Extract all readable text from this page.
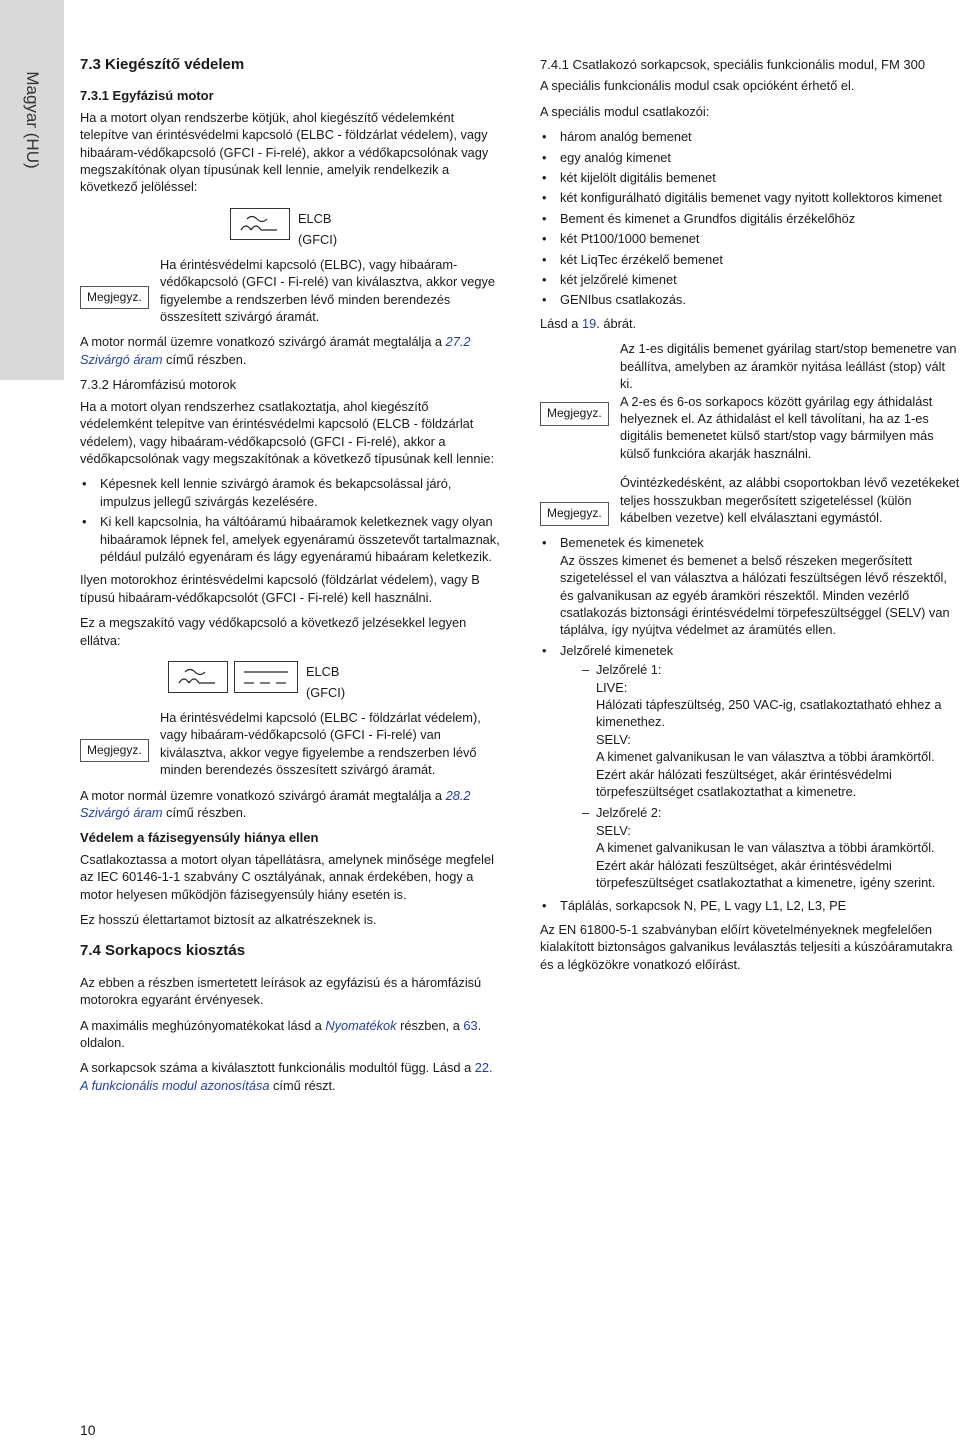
Magyar (HU)
7.3 Kiegészítő védelem
7.3.1 Egyfázisú motor

Ha a motort olyan rendszerbe kötjük, ahol kiegészítő védelemként telepítve van érintésvédelmi kapcsoló (ELBC - földzárlat védelem), vagy hibaáram-védőkapcsoló (GFCI - Fi-relé), akkor a védőkapcsolónak vagy megszakítónak olyan típusúnak kell lennie, amelyik rendelkezik a következő jelöléssel:

ELCB
(GFCI)
Megjegyz.
Ha érintésvédelmi kapcsoló (ELBC), vagy hibaáram-védőkapcsoló (GFCI - Fi-relé) van kiválasztva, akkor vegye figyelembe a rendszerben lévő minden berendezés összesített szivárgó áramát.

A motor normál üzemre vonatkozó szivárgó áramát megtalálja a 27.2 Szivárgó áram című részben.

7.3.2 Háromfázisú motorok

Ha a motort olyan rendszerhez csatlakoztatja, ahol kiegészítő védelemként telepítve van érintésvédelmi kapcsoló (ELCB - földzárlat védelem), vagy hibaáram-védőkapcsoló (GFCI - Fi-relé), akkor a védőkapcsolónak vagy megszakítónak a következő típusúnak kell lennie:

• Képesnek kell lennie szivárgó áramok és bekapcsolással járó, impulzus jellegű szivárgás kezelésére.
• Ki kell kapcsolnia, ha váltóáramú hibaáramok keletkeznek vagy olyan hibaáramok lépnek fel, amelyek egyenáramú összetevőt tartalmaznak, például pulzáló egyenáram és lágy egyenáramú hibaáram keletkezik.

Ilyen motorokhoz érintésvédelmi kapcsoló (földzárlat védelem), vagy B típusú hibaáram-védőkapcsolót (GFCI - Fi-relé) kell használni.

Ez a megszakító vagy védőkapcsoló a következő jelzésekkel legyen ellátva:

ELCB
(GFCI)
Megjegyz.
Ha érintésvédelmi kapcsoló (ELBC - földzárlat védelem), vagy hibaáram-védőkapcsoló (GFCI - Fi-relé) van kiválasztva, akkor vegye figyelembe a rendszerben lévő minden berendezés összesített szivárgó áramát.

A motor normál üzemre vonatkozó szivárgó áramát megtalálja a 28.2 Szivárgó áram című részben.

Védelem a fázisegyensúly hiánya ellen

Csatlakoztassa a motort olyan tápellátásra, amelynek minősége megfelel az IEC 60146-1-1 szabvány C osztályának, annak érdekében, hogy a motor helyesen működjön fázisegyensúly hiány esetén is.

Ez hosszú élettartamot biztosít az alkatrészeknek is.

7.4 Sorkapocs kiosztás

Az ebben a részben ismertetett leírások az egyfázisú és a háromfázisú motorokra egyaránt érvényesek.

A maximális meghúzónyomatékokat lásd a Nyomatékok részben, a 63. oldalon.

A sorkapcsok száma a kiválasztott funkcionális modultól függ. Lásd a 22. A funkcionális modul azonosítása című részt.

7.4.1 Csatlakozó sorkapcsok, speciális funkcionális modul, FM 300

A speciális funkcionális modul csak opcióként érhető el.

A speciális modul csatlakozói:

• három analóg bemenet
• egy analóg kimenet
• két kijelölt digitális bemenet
• két konfigurálható digitális bemenet vagy nyitott kollektoros kimenet
• Bement és kimenet a Grundfos digitális érzékelőhöz
• két Pt100/1000 bemenet
• két LiqTec érzékelő bemenet
• két jelzőrelé kimenet
• GENIbus csatlakozás.

Lásd a 19. ábrát.

Megjegyz.
Az 1-es digitális bemenet gyárilag start/stop bemenetre van beállítva, amelyben az áramkör nyitása leállást (stop) vált ki.
A 2-es és 6-os sorkapocs között gyárilag egy áthidalást helyeznek el. Az áthidalást el kell távolítani, ha az 1-es digitális bemenetet külső start/stop vagy bármilyen más külső funkcióra akarják használni.
Megjegyz.
Óvintézkedésként, az alábbi csoportokban lévő vezetékeket teljes hosszukban megerősített szigeteléssel (külön kábelben vezetve) kell elválasztani egymástól.
• Bemenetek és kimenetek
Az összes kimenet és bemenet a belső részeken megerősített szigeteléssel el van választva a hálózati feszültségen lévő részektől, és galvanikusan az egyéb áramköri részektől. Minden vezérlő csatlakozás biztonsági érintésvédelmi törpefeszültséggel (SELV) van táplálva, így nyújtva védelmet az áramütés ellen.
• Jelzőrelé kimenetek
– Jelzőrelé 1:
LIVE:
Hálózati tápfeszültség, 250 VAC-ig, csatlakoztatható ehhez a kimenethez.
SELV:
A kimenet galvanikusan le van választva a többi áramkörtől. Ezért akár hálózati feszültséget, akár érintésvédelmi törpefeszültséget csatlakoztathat a kimenetre.
– Jelzőrelé 2:
SELV:
A kimenet galvanikusan le van választva a többi áramkörtől. Ezért akár hálózati feszültséget, akár érintésvédelmi törpefeszültséget csatlakoztathat a kimenetre, igény szerint.
• Táplálás, sorkapcsok N, PE, L vagy L1, L2, L3, PE

Az EN 61800-5-1 szabványban előírt követelményeknek megfelelően kialakított biztonságos galvanikus leválasztás teljesíti a kúszóáramutakra és a légközökre vonatkozó előírást.

10
